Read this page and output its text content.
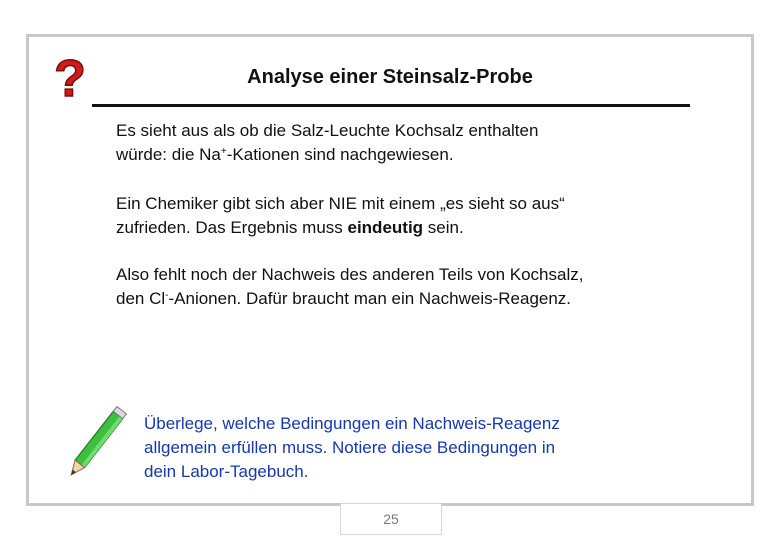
?	Analyse einer Steinsalz-Probe
Es sieht aus als ob die Salz-Leuchte Kochsalz enthalten
würde: die Na+-Kationen sind nachgewiesen.
Ein Chemiker gibt sich aber NIE mit einem „es sieht so aus“
zufrieden. Das Ergebnis muss eindeutig sein.
Also fehlt noch der Nachweis des anderen Teils von Kochsalz,
den Cl--Anionen. Dafür braucht man ein Nachweis-Reagenz.
Überlege, welche Bedingungen ein Nachweis-Reagenz
allgemein erfüllen muss. Notiere diese Bedingungen in
dein Labor-Tagebuch.
25
